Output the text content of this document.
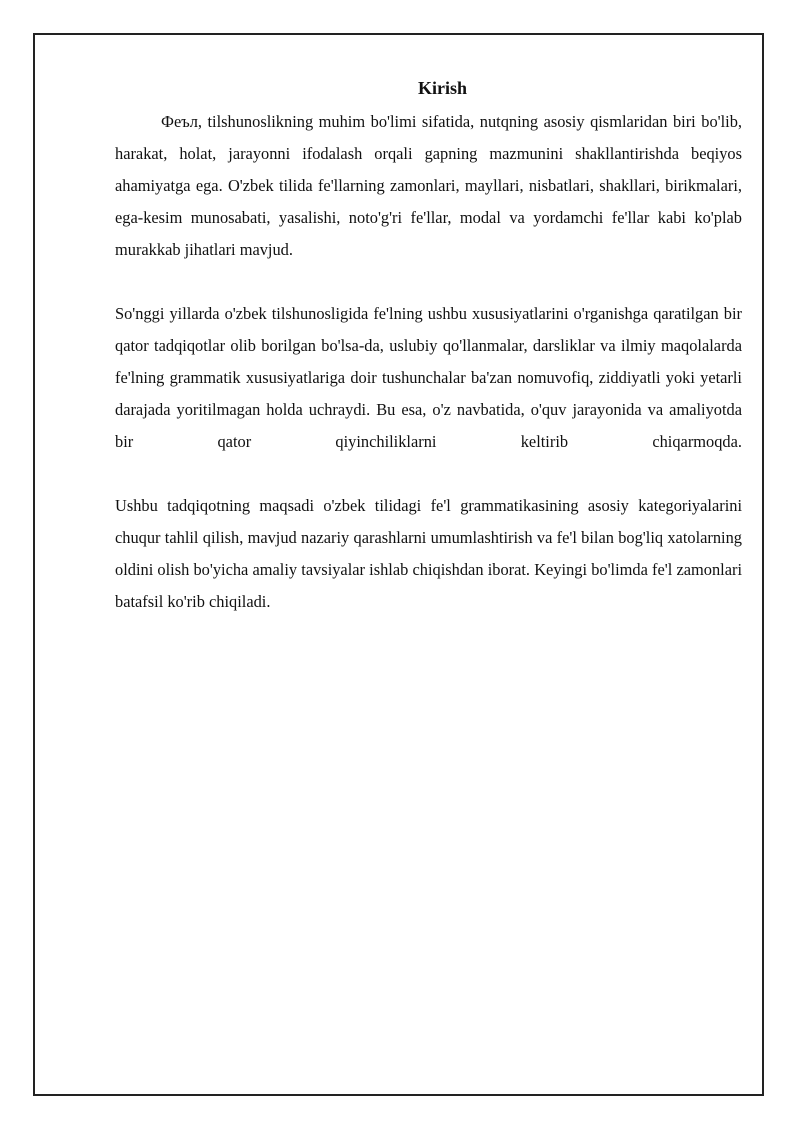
Kirish

Феъл, tilshunoslikning muhim bo'limi sifatida, nutqning asosiy qismlaridan biri bo'lib, harakat, holat, jarayonni ifodalash orqali gapning mazmunini shakllantirishda beqiyos ahamiyatga ega. O'zbek tilida fe'llarning zamonlari, mayllari, nisbatlari, shakllari, birikmalari, ega-kesim munosabati, yasalishi, noto'g'ri fe'llar, modal va yordamchi fe'llar kabi ko'plab murakkab jihatlari mavjud.

So'nggi yillarda o'zbek tilshunosligida fe'lning ushbu xususiyatlarini o'rganishga qaratilgan bir qator tadqiqotlar olib borilgan bo'lsa-da, uslubiy qo'llanmalar, darsliklar va ilmiy maqolalarda fe'lning grammatik xususiyatlariga doir tushunchalar ba'zan nomuvofiq, ziddiyatli yoki yetarli darajada yoritilmagan holda uchraydi. Bu esa, o'z navbatida, o'quv jarayonida va amaliyotda bir qator qiyinchiliklarni keltirib chiqarmoqda.

Ushbu tadqiqotning maqsadi o'zbek tilidagi fe'l grammatikasining asosiy kategoriyalarini chuqur tahlil qilish, mavjud nazariy qarashlarni umumlashtirish va fe'l bilan bog'liq xatolarning oldini olish bo'yicha amaliy tavsiyalar ishlab chiqishdan iborat. Keyingi bo'limda fe'l zamonlari batafsil ko'rib chiqiladi.
